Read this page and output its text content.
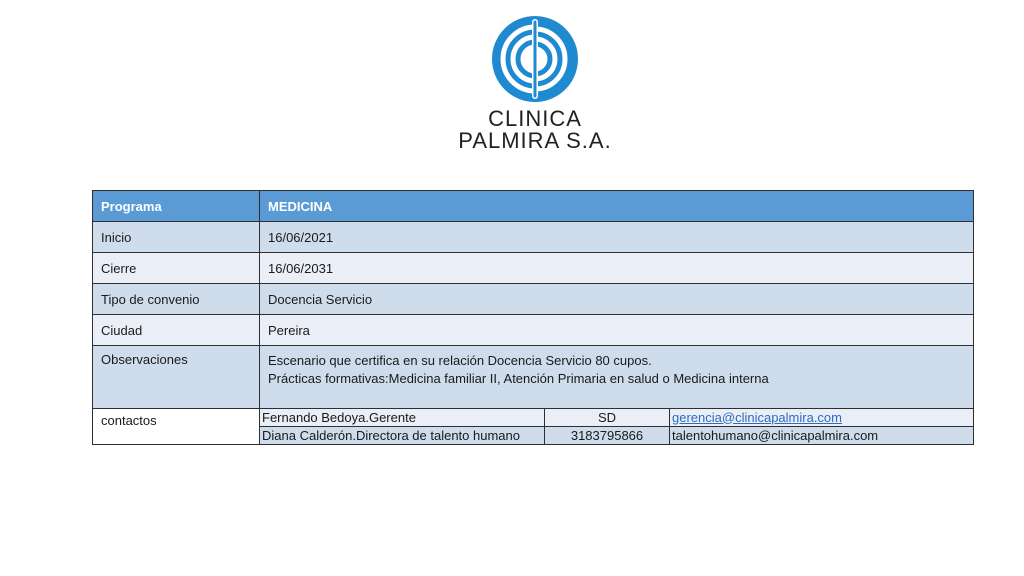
CLINICA
PALMIRA S.A.
Programa	MEDICINA
Inicio	16/06/2021
Cierre	16/06/2031
Tipo de convenio	Docencia Servicio
Ciudad	Pereira
Observaciones	Escenario que certifica en su relación Docencia Servicio 80 cupos.
Prácticas formativas:Medicina familiar II, Atención Primaria en salud o Medicina interna

contactos		Fernando Bedoya.Gerente	SD	gerencia@clinicapalmira.com
Diana Calderón.Directora de talento humano	3183795866	talentohumano@clinicapalmira.com
